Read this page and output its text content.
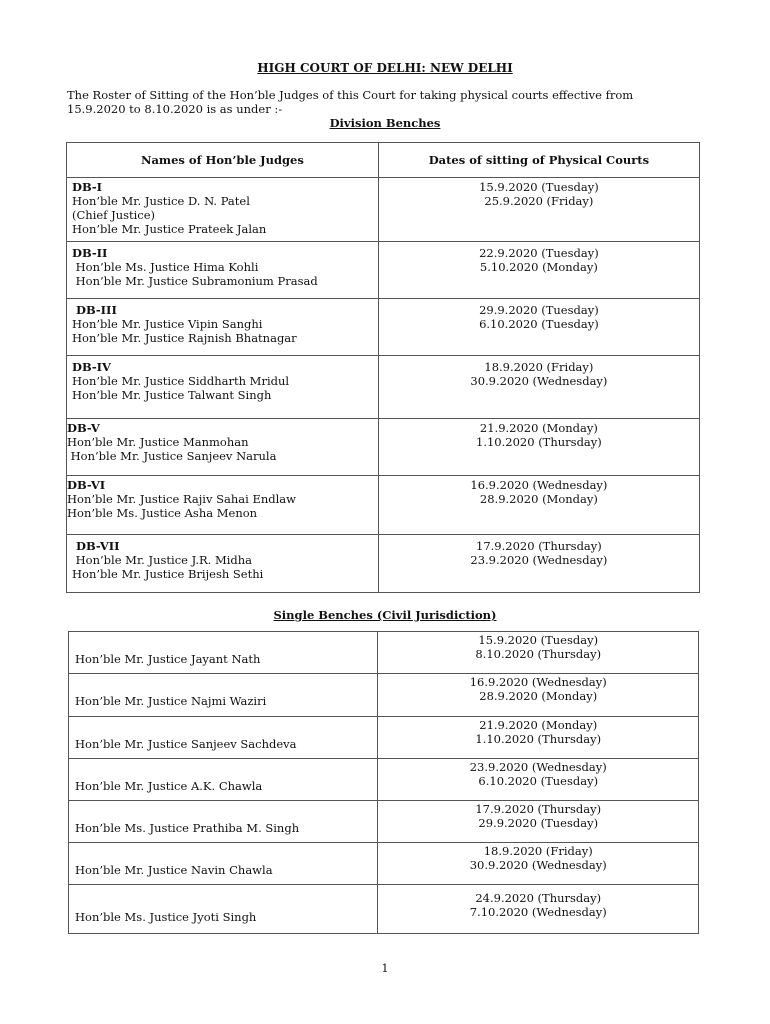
HIGH COURT OF DELHI: NEW DELHI
The Roster of Sitting of the Hon’ble Judges of this Court for taking physical courts effective from
15.9.2020 to 8.10.2020 is as under :-
Division Benches
Names of Hon’ble Judges	Dates of sitting of Physical Courts

DB-I
Hon’ble Mr. Justice D. N. Patel
(Chief Justice)
Hon’ble Mr. Justice Prateek Jalan	15.9.2020 (Tuesday)
25.9.2020 (Friday)

DB-II
Hon’ble Ms. Justice Hima Kohli
Hon’ble Mr. Justice Subramonium Prasad	22.9.2020 (Tuesday)
5.10.2020 (Monday)

DB-III
Hon’ble Mr. Justice Vipin Sanghi
Hon’ble Mr. Justice Rajnish Bhatnagar	29.9.2020 (Tuesday)
6.10.2020 (Tuesday)

DB-IV
Hon’ble Mr. Justice Siddharth Mridul
Hon’ble Mr. Justice Talwant Singh	18.9.2020 (Friday)
30.9.2020 (Wednesday)

DB-V
Hon’ble Mr. Justice Manmohan
Hon’ble Mr. Justice Sanjeev Narula	21.9.2020 (Monday)
1.10.2020 (Thursday)

DB-VI
Hon’ble Mr. Justice Rajiv Sahai Endlaw
Hon’ble Ms. Justice Asha Menon	16.9.2020 (Wednesday)
28.9.2020 (Monday)

DB-VII
Hon’ble Mr. Justice J.R. Midha
Hon’ble Mr. Justice Brijesh Sethi	17.9.2020 (Thursday)
23.9.2020 (Wednesday)
Single Benches (Civil Jurisdiction)
Hon’ble Mr. Justice Jayant Nath	15.9.2020 (Tuesday)
8.10.2020 (Thursday)

Hon’ble Mr. Justice Najmi Waziri	16.9.2020 (Wednesday)
28.9.2020 (Monday)

Hon’ble Mr. Justice Sanjeev Sachdeva	21.9.2020 (Monday)
1.10.2020 (Thursday)

Hon’ble Mr. Justice A.K. Chawla	23.9.2020 (Wednesday)
6.10.2020 (Tuesday)

Hon’ble Ms. Justice Prathiba M. Singh	17.9.2020 (Thursday)
29.9.2020 (Tuesday)

Hon’ble Mr. Justice Navin Chawla	18.9.2020 (Friday)
30.9.2020 (Wednesday)

Hon’ble Ms. Justice Jyoti Singh	24.9.2020 (Thursday)
7.10.2020 (Wednesday)
1
